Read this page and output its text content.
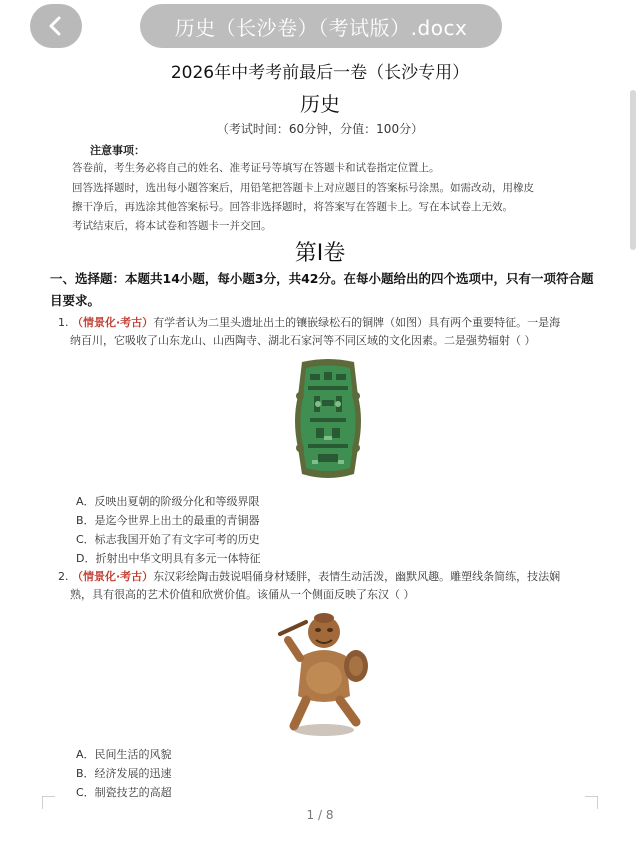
历史（长沙卷）（考试版）.docx
2026年中考考前最后一卷（长沙专用）
历史
（考试时间：60分钟，分值：100分）
注意事项：
答卷前，考生务必将自己的姓名、准考证号等填写在答题卡和试卷指定位置上。
回答选择题时，选出每小题答案后，用铅笔把答题卡上对应题目的答案标号涂黑。如需改动，用橡皮
擦干净后，再选涂其他答案标号。回答非选择题时，将答案写在答题卡上。写在本试卷上无效。
考试结束后，将本试卷和答题卡一并交回。
第Ⅰ卷
一、选择题：本题共14小题，每小题3分，共42分。在每小题给出的四个选项中，只有一项符合题目要求。
1. （情景化·考古）有学者认为二里头遗址出土的镶嵌绿松石的铜牌（如图）具有两个重要特征。一是海
纳百川，它吸收了山东龙山、山西陶寺、湖北石家河等不同区域的文化因素。二是强势辐射（ ）
A．反映出夏朝的阶级分化和等级界限
B．是迄今世界上出土的最重的青铜器
C．标志我国开始了有文字可考的历史
D．折射出中华文明具有多元一体特征
2. （情景化·考古）东汉彩绘陶击鼓说唱俑身材矮胖，表情生动活泼，幽默风趣。雕塑线条简练，技法娴
熟，具有很高的艺术价值和欣赏价值。该俑从一个侧面反映了东汉（ ）
A．民间生活的风貌
B．经济发展的迅速
C．制瓷技艺的高超
1 / 8
